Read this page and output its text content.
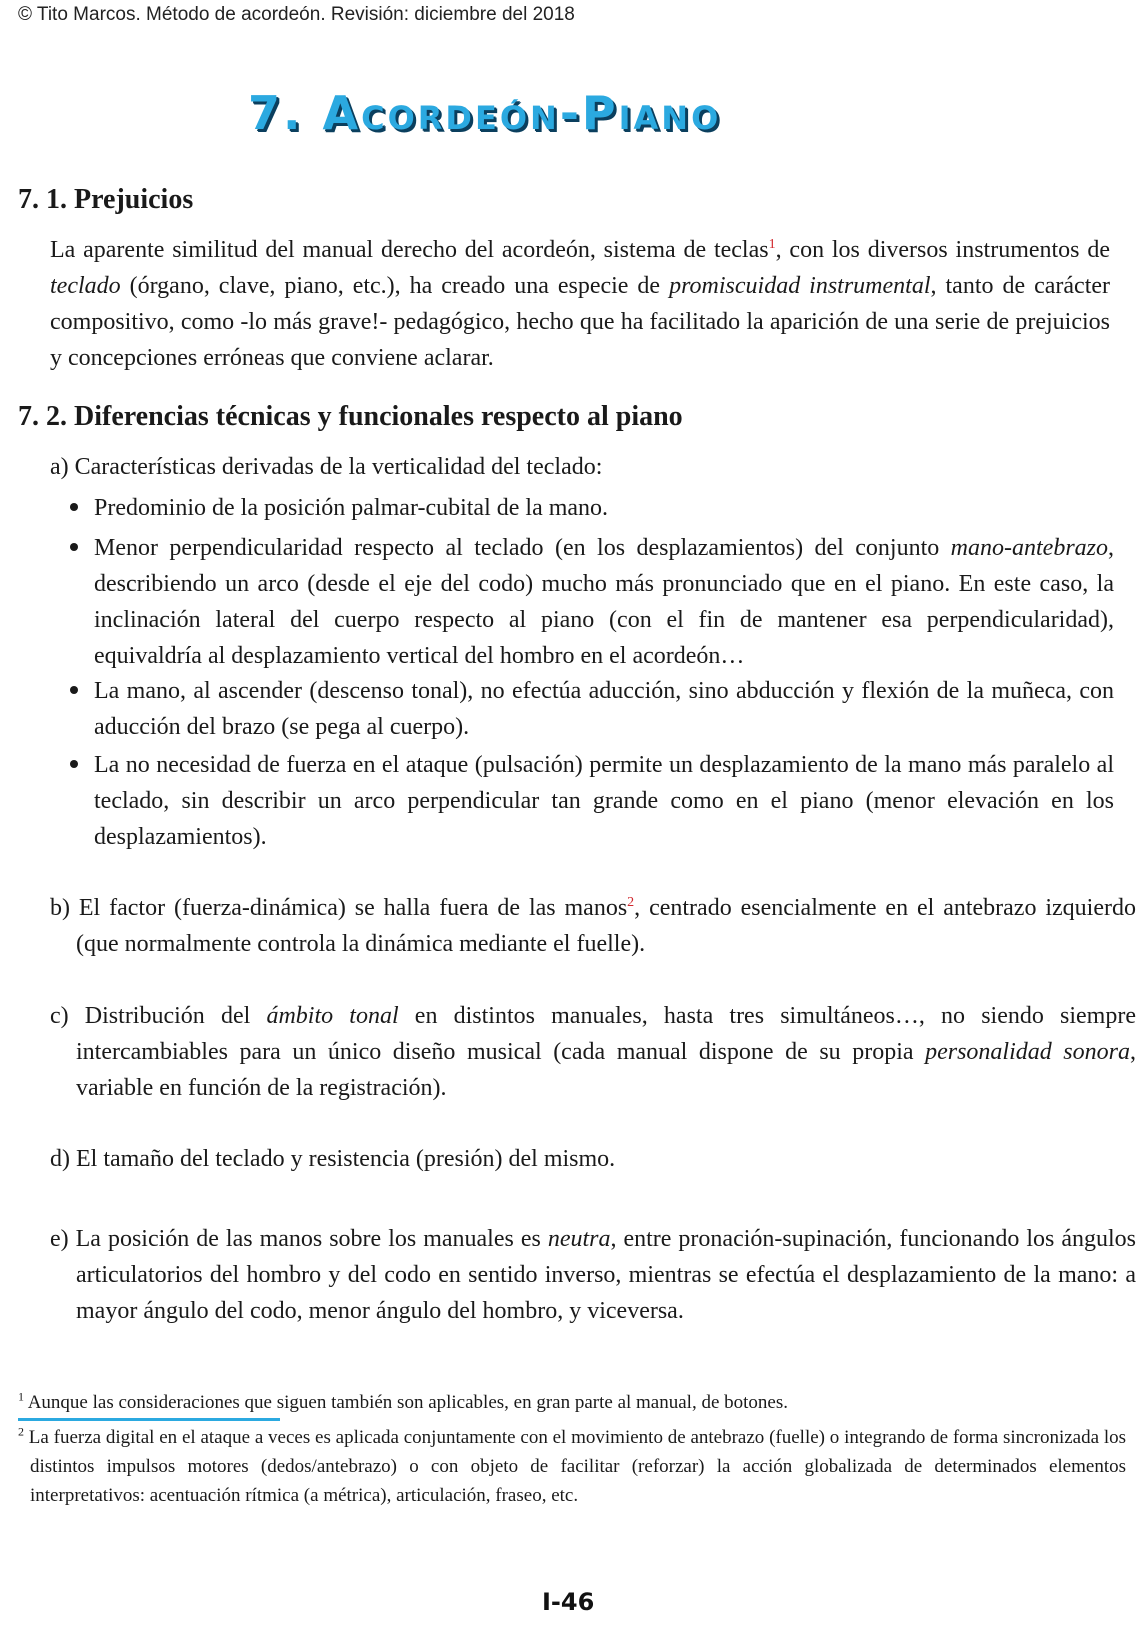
© Tito Marcos. Método de acordeón. Revisión: diciembre del 2018
7. Acordeón-Piano
7. 1. Prejuicios
La aparente similitud del manual derecho del acordeón, sistema de teclas$^1$, con los diversos instrumentos de teclado (órgano, clave, piano, etc.), ha creado una especie de promiscuidad instrumental, tanto de carácter compositivo, como -lo más grave!- pedagógico, hecho que ha facilitado la aparición de una serie de prejuicios y concepciones erróneas que conviene aclarar.
7. 2. Diferencias técnicas y funcionales respecto al piano
a) Características derivadas de la verticalidad del teclado:
Predominio de la posición palmar-cubital de la mano.
Menor perpendicularidad respecto al teclado (en los desplazamientos) del conjunto mano-antebrazo, describiendo un arco (desde el eje del codo) mucho más pronunciado que en el piano. En este caso, la inclinación lateral del cuerpo respecto al piano (con el fin de mantener esa perpendicularidad), equivaldría al desplazamiento vertical del hombro en el acordeón…
La mano, al ascender (descenso tonal), no efectúa aducción, sino abducción y flexión de la muñeca, con aducción del brazo (se pega al cuerpo).
La no necesidad de fuerza en el ataque (pulsación) permite un desplazamiento de la mano más paralelo al teclado, sin describir un arco perpendicular tan grande como en el piano (menor elevación en los desplazamientos).
b) El factor (fuerza-dinámica) se halla fuera de las manos$^2$, centrado esencialmente en el antebrazo izquierdo (que normalmente controla la dinámica mediante el fuelle).
c) Distribución del ámbito tonal en distintos manuales, hasta tres simultáneos…, no siendo siempre intercambiables para un único diseño musical (cada manual dispone de su propia personalidad sonora, variable en función de la registración).
d) El tamaño del teclado y resistencia (presión) del mismo.
e) La posición de las manos sobre los manuales es neutra, entre pronación-supinación, funcionando los ángulos articulatorios del hombro y del codo en sentido inverso, mientras se efectúa el desplazamiento de la mano: a mayor ángulo del codo, menor ángulo del hombro, y viceversa.
$^1$ Aunque las consideraciones que siguen también son aplicables, en gran parte al manual, de botones.
$^2$ La fuerza digital en el ataque a veces es aplicada conjuntamente con el movimiento de antebrazo (fuelle) o integrando de forma sincronizada los distintos impulsos motores (dedos/antebrazo) o con objeto de facilitar (reforzar) la acción globalizada de determinados elementos interpretativos: acentuación rítmica (a métrica), articulación, fraseo, etc.
I-46
